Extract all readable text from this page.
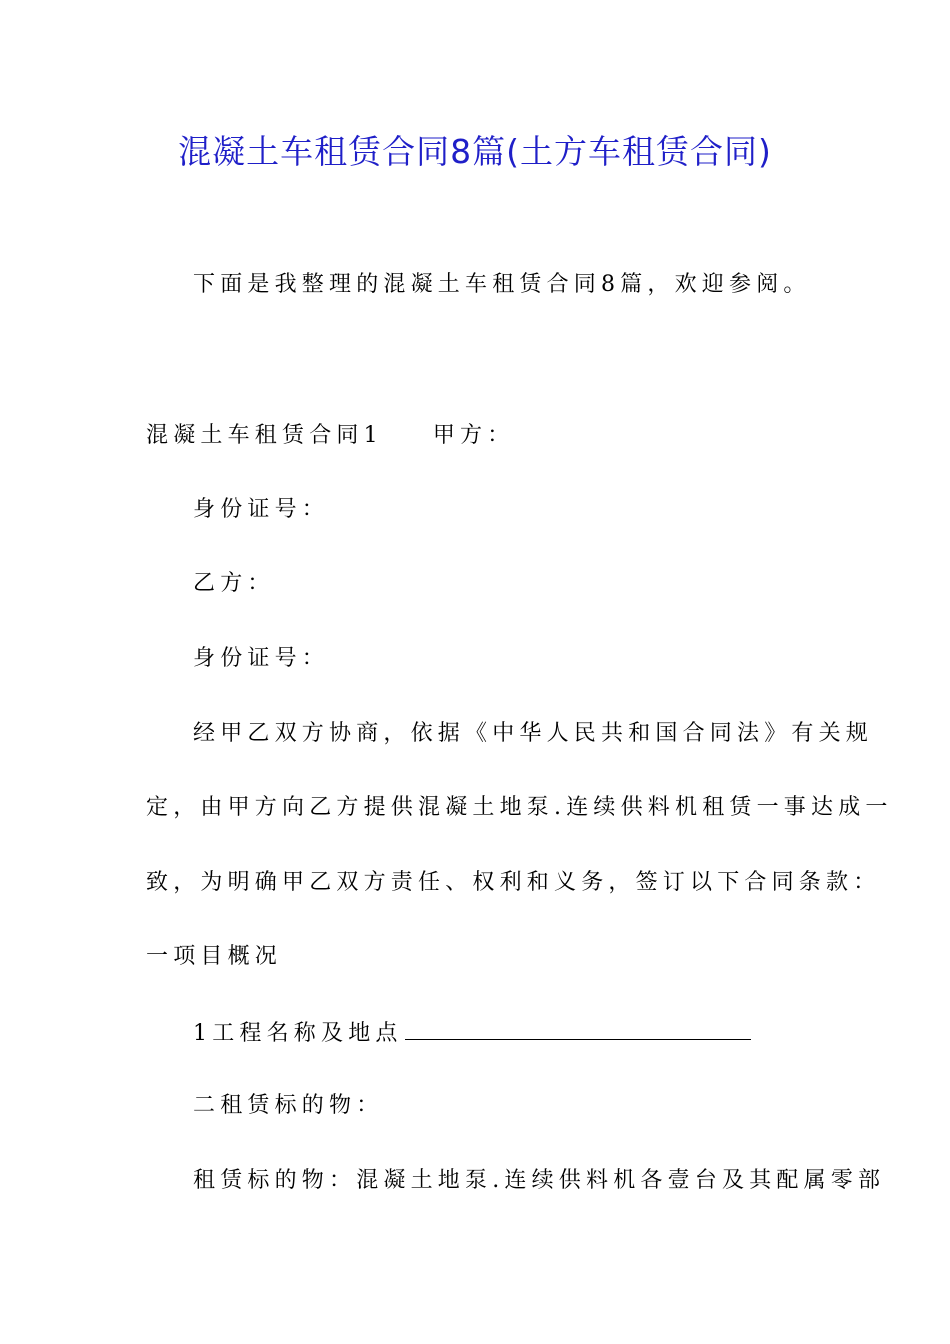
混凝土车租赁合同8篇(土方车租赁合同)
下面是我整理的混凝土车租赁合同8篇，欢迎参阅。
混凝土车租赁合同1 甲方：
身份证号：
乙方：
身份证号：
经甲乙双方协商，依据《中华人民共和国合同法》有关规
定，由甲方向乙方提供混凝土地泵.连续供料机租赁一事达成一
致，为明确甲乙双方责任、权利和义务，签订以下合同条款：
一项目概况
1工程名称及地点
二租赁标的物：
租赁标的物：混凝土地泵.连续供料机各壹台及其配属零部
